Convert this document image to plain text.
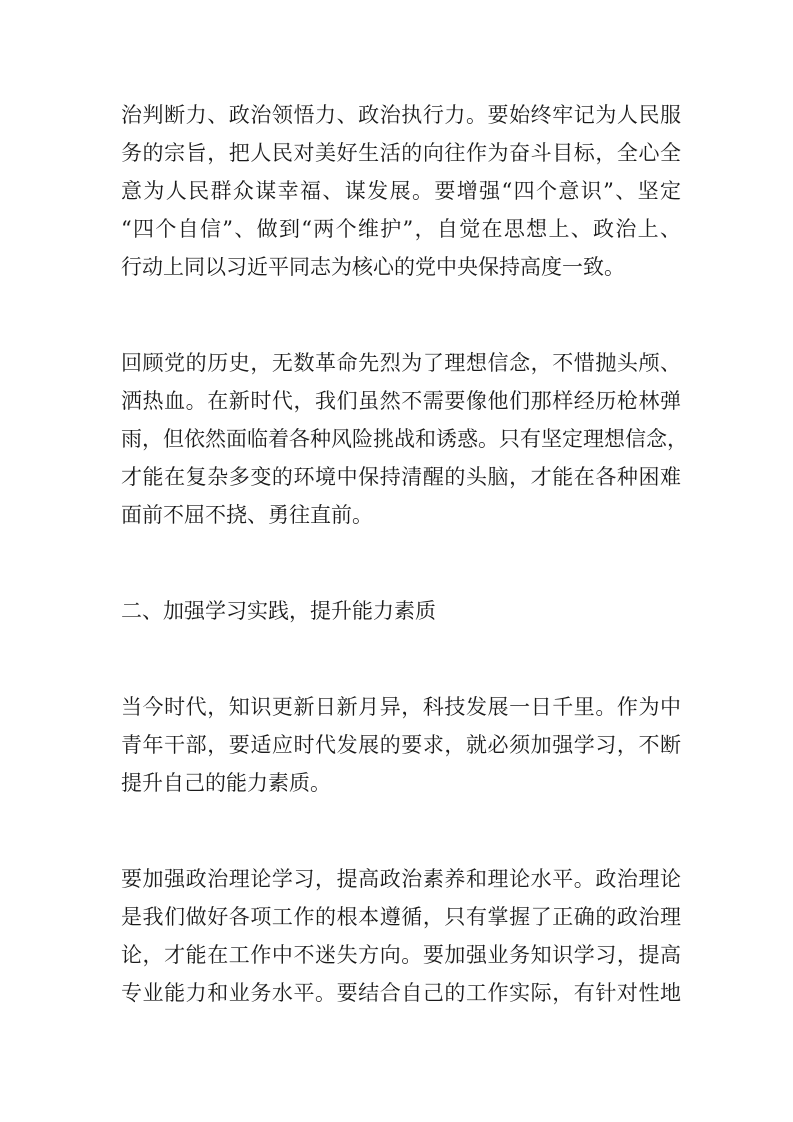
治判断力、政治领悟力、政治执行力。要始终牢记为人民服
务的宗旨，把人民对美好生活的向往作为奋斗目标，全心全
意为人民群众谋幸福、谋发展。要增强“四个意识”、坚定
“四个自信”、做到“两个维护”，自觉在思想上、政治上、
行动上同以习近平同志为核心的党中央保持高度一致。
回顾党的历史，无数革命先烈为了理想信念，不惜抛头颅、
洒热血。在新时代，我们虽然不需要像他们那样经历枪林弹
雨，但依然面临着各种风险挑战和诱惑。只有坚定理想信念，
才能在复杂多变的环境中保持清醒的头脑，才能在各种困难
面前不屈不挠、勇往直前。
二、加强学习实践，提升能力素质
当今时代，知识更新日新月异，科技发展一日千里。作为中
青年干部，要适应时代发展的要求，就必须加强学习，不断
提升自己的能力素质。
要加强政治理论学习，提高政治素养和理论水平。政治理论
是我们做好各项工作的根本遵循，只有掌握了正确的政治理
论，才能在工作中不迷失方向。要加强业务知识学习，提高
专业能力和业务水平。要结合自己的工作实际，有针对性地
